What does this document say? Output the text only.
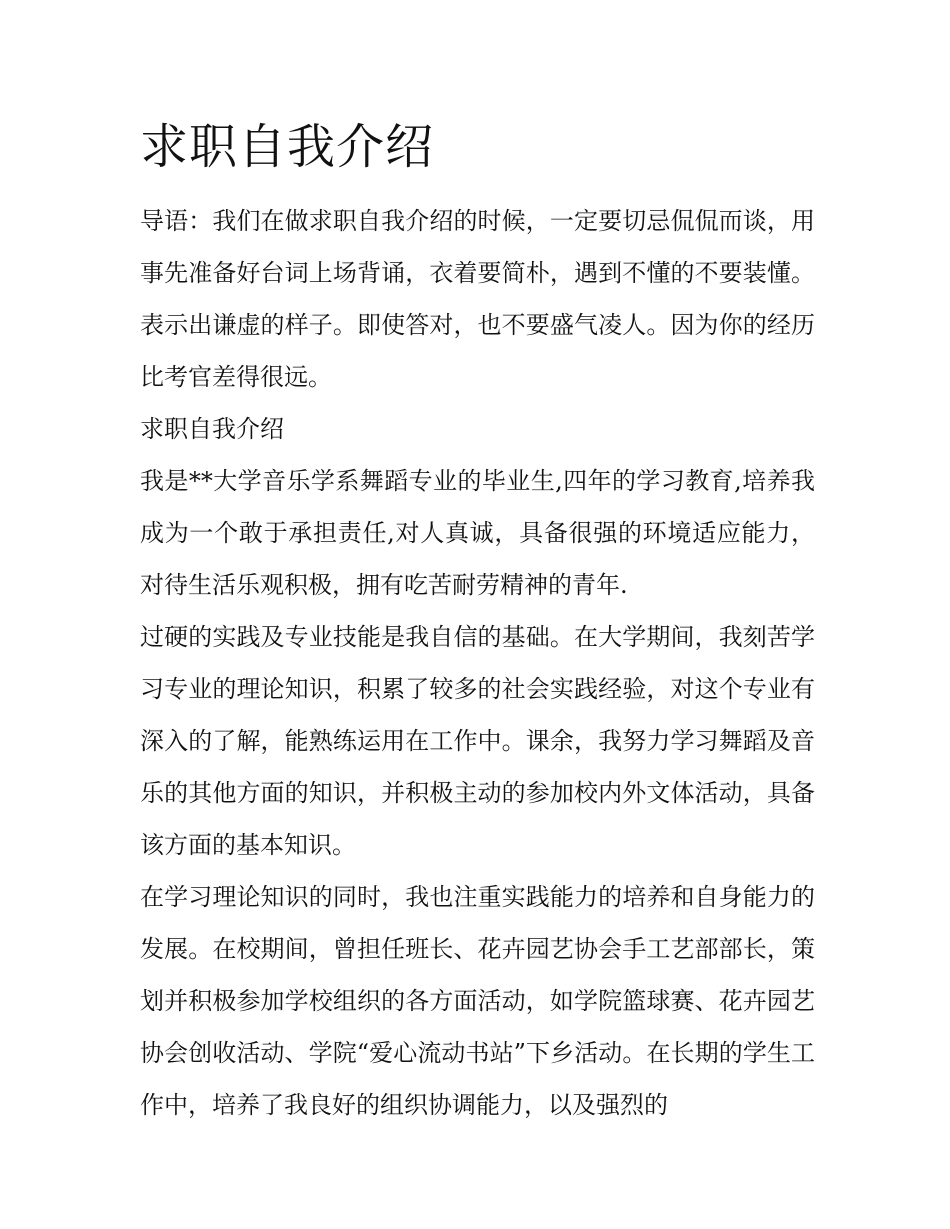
求职自我介绍

导语：我们在做求职自我介绍的时候，一定要切忌侃侃而谈，用事先准备好台词上场背诵，衣着要简朴，遇到不懂的不要装懂。表示出谦虚的样子。即使答对，也不要盛气凌人。因为你的经历比考官差得很远。

求职自我介绍

我是**大学音乐学系舞蹈专业的毕业生,四年的学习教育,培养我成为一个敢于承担责任,对人真诚，具备很强的环境适应能力，对待生活乐观积极，拥有吃苦耐劳精神的青年.

过硬的实践及专业技能是我自信的基础。在大学期间，我刻苦学习专业的理论知识，积累了较多的社会实践经验，对这个专业有深入的了解，能熟练运用在工作中。课余，我努力学习舞蹈及音乐的其他方面的知识，并积极主动的参加校内外文体活动，具备该方面的基本知识。

在学习理论知识的同时，我也注重实践能力的培养和自身能力的发展。在校期间，曾担任班长、花卉园艺协会手工艺部部长，策划并积极参加学校组织的各方面活动，如学院篮球赛、花卉园艺协会创收活动、学院“爱心流动书站”下乡活动。在长期的学生工作中，培养了我良好的组织协调能力，以及强烈的
